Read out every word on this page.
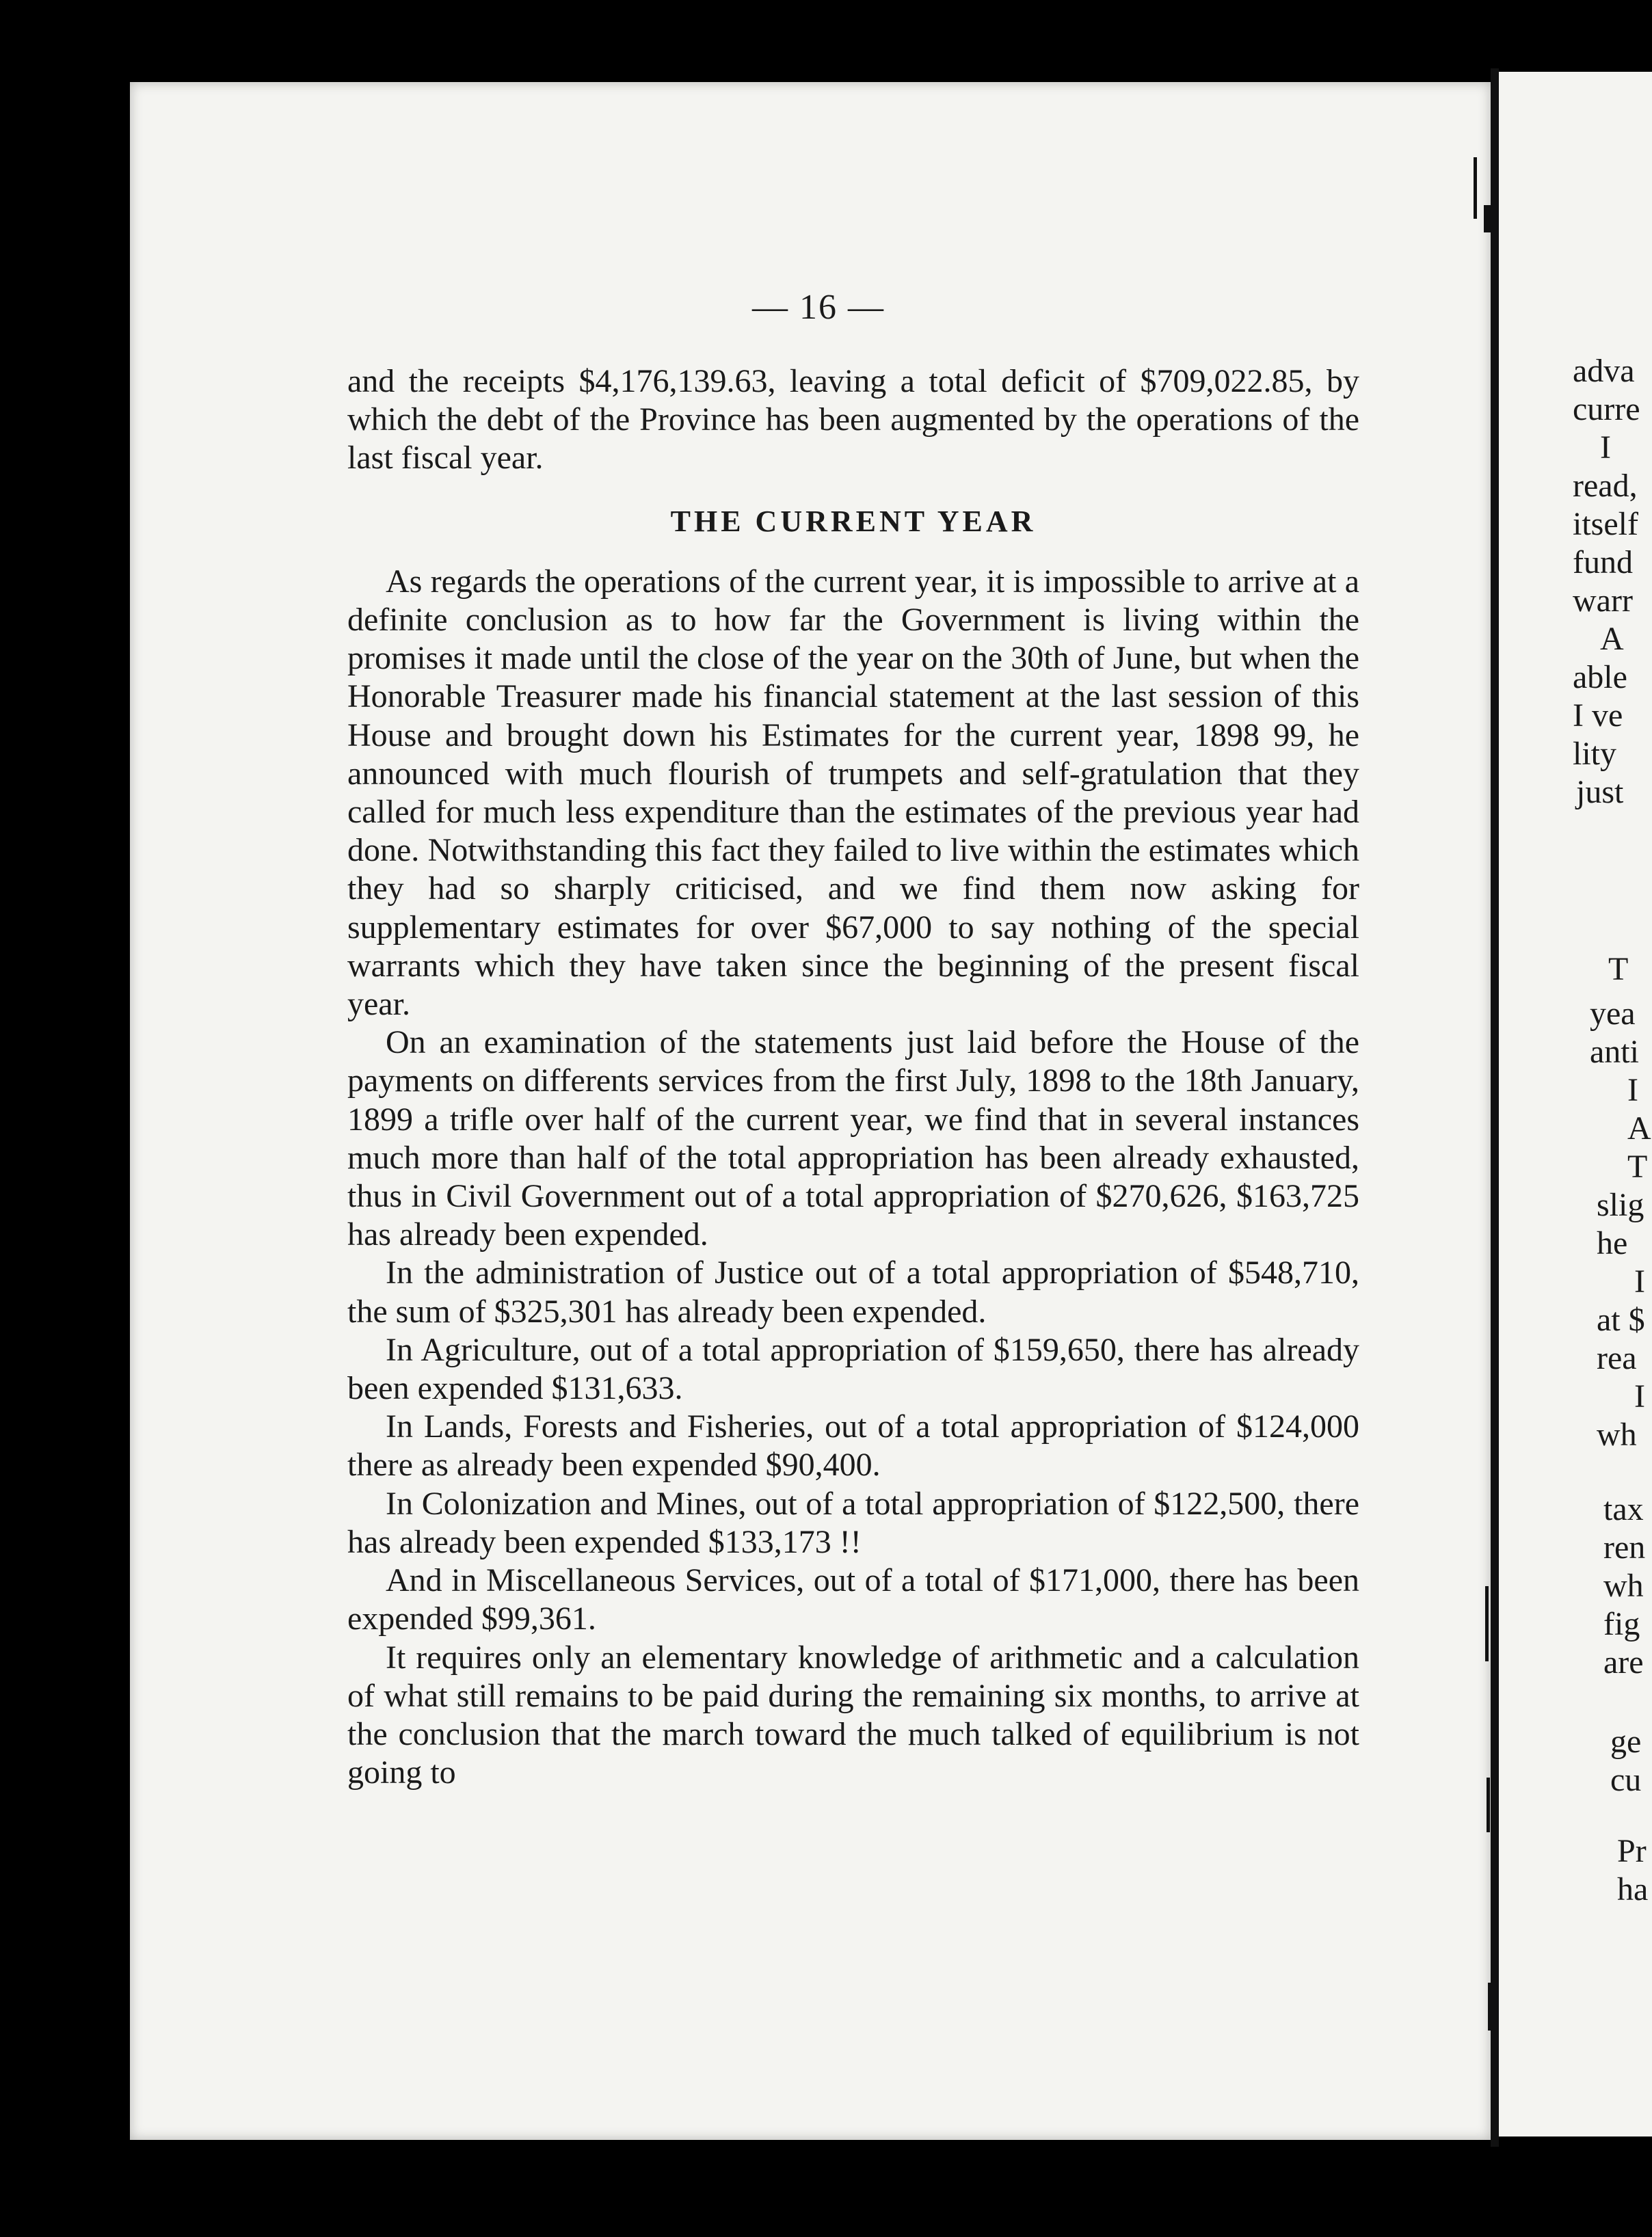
— 16 —

and the receipts $4,176,139.63, leaving a total deficit of $709,022.85, by which the debt of the Province has been augmented by the operations of the last fiscal year.

THE CURRENT YEAR

As regards the operations of the current year, it is impossible to arrive at a definite conclusion as to how far the Government is living within the promises it made until the close of the year on the 30th of June, but when the Honorable Treasurer made his financial statement at the last session of this House and brought down his Estimates for the current year, 1898 99, he announced with much flourish of trumpets and self-gratulation that they called for much less expenditure than the estimates of the previous year had done. Notwithstanding this fact they failed to live within the estimates which they had so sharply criticised, and we find them now asking for supplementary estimates for over $67,000 to say nothing of the special warrants which they have taken since the beginning of the present fiscal year.

On an examination of the statements just laid before the House of the payments on differents services from the first July, 1898 to the 18th January, 1899 a trifle over half of the current year, we find that in several instances much more than half of the total appropriation has been already exhausted, thus in Civil Government out of a total appropriation of $270,626, $163,725 has already been expended.

In the administration of Justice out of a total appropriation of $548,710, the sum of $325,301 has already been expended.

In Agriculture, out of a total appropriation of $159,650, there has already been expended $131,633.

In Lands, Forests and Fisheries, out of a total appropriation of $124,000 there as already been expended $90,400.

In Colonization and Mines, out of a total appropriation of $122,500, there has already been expended $133,173 !!

And in Miscellaneous Services, out of a total of $171,000, there has been expended $99,361.

It requires only an elementary knowledge of arithmetic and a calculation of what still remains to be paid during the remaining six months, to arrive at the conclusion that the march toward the much talked of equilibrium is not going to

adva
curre
I
read,
itself
fund
warr
A
able
I ve
lity
just
T
yea
anti
I
A
T
slig
he
I
at $
rea
I
wh
tax
ren
wh
fig
are
ge
cu
Pr
ha
